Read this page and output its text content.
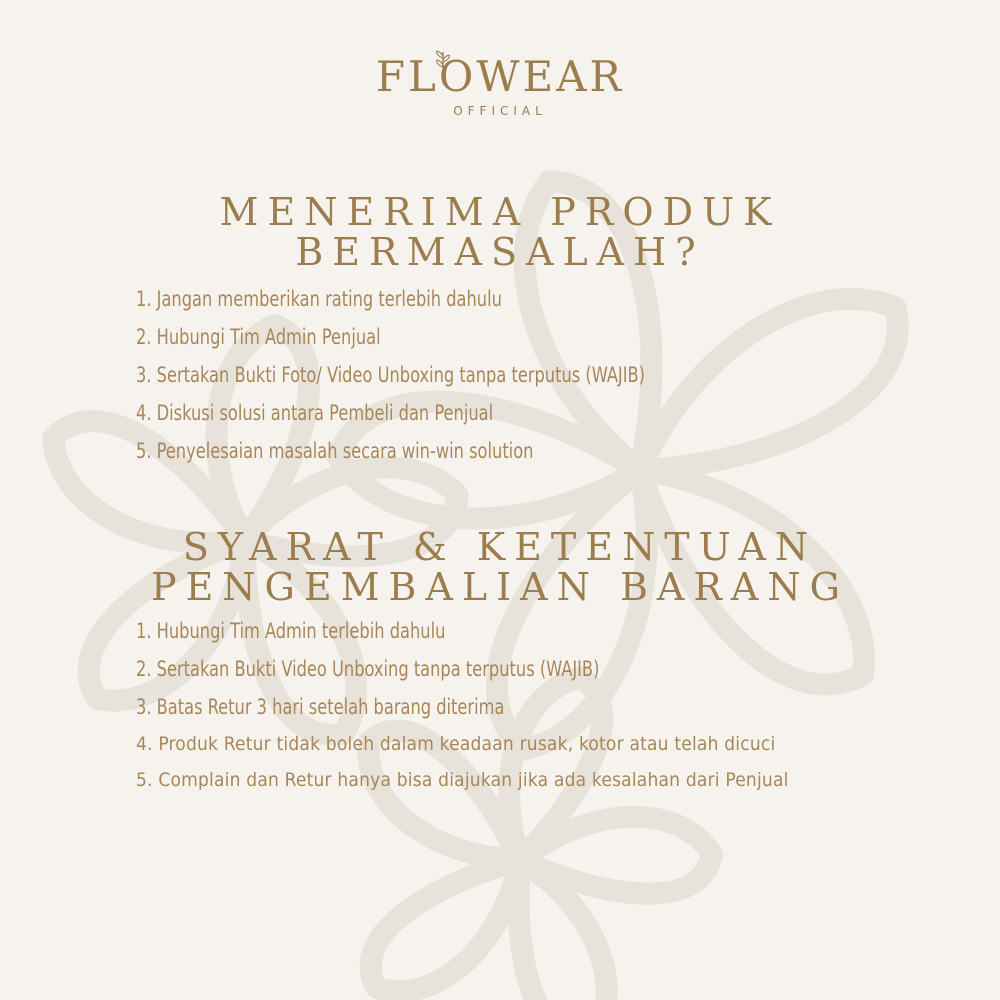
FLOWEAR
OFFICIAL
MENERIMA PRODUK
BERMASALAH?
1. Jangan memberikan rating terlebih dahulu
2. Hubungi Tim Admin Penjual
3. Sertakan Bukti Foto/ Video Unboxing tanpa terputus (WAJIB)
4. Diskusi solusi antara Pembeli dan Penjual
5. Penyelesaian masalah secara win-win solution
SYARAT & KETENTUAN
PENGEMBALIAN BARANG
1. Hubungi Tim Admin terlebih dahulu
2. Sertakan Bukti Video Unboxing tanpa terputus (WAJIB)
3. Batas Retur 3 hari setelah barang diterima
4. Produk Retur tidak boleh dalam keadaan rusak, kotor atau telah dicuci
5. Complain dan Retur hanya bisa diajukan jika ada kesalahan dari Penjual
